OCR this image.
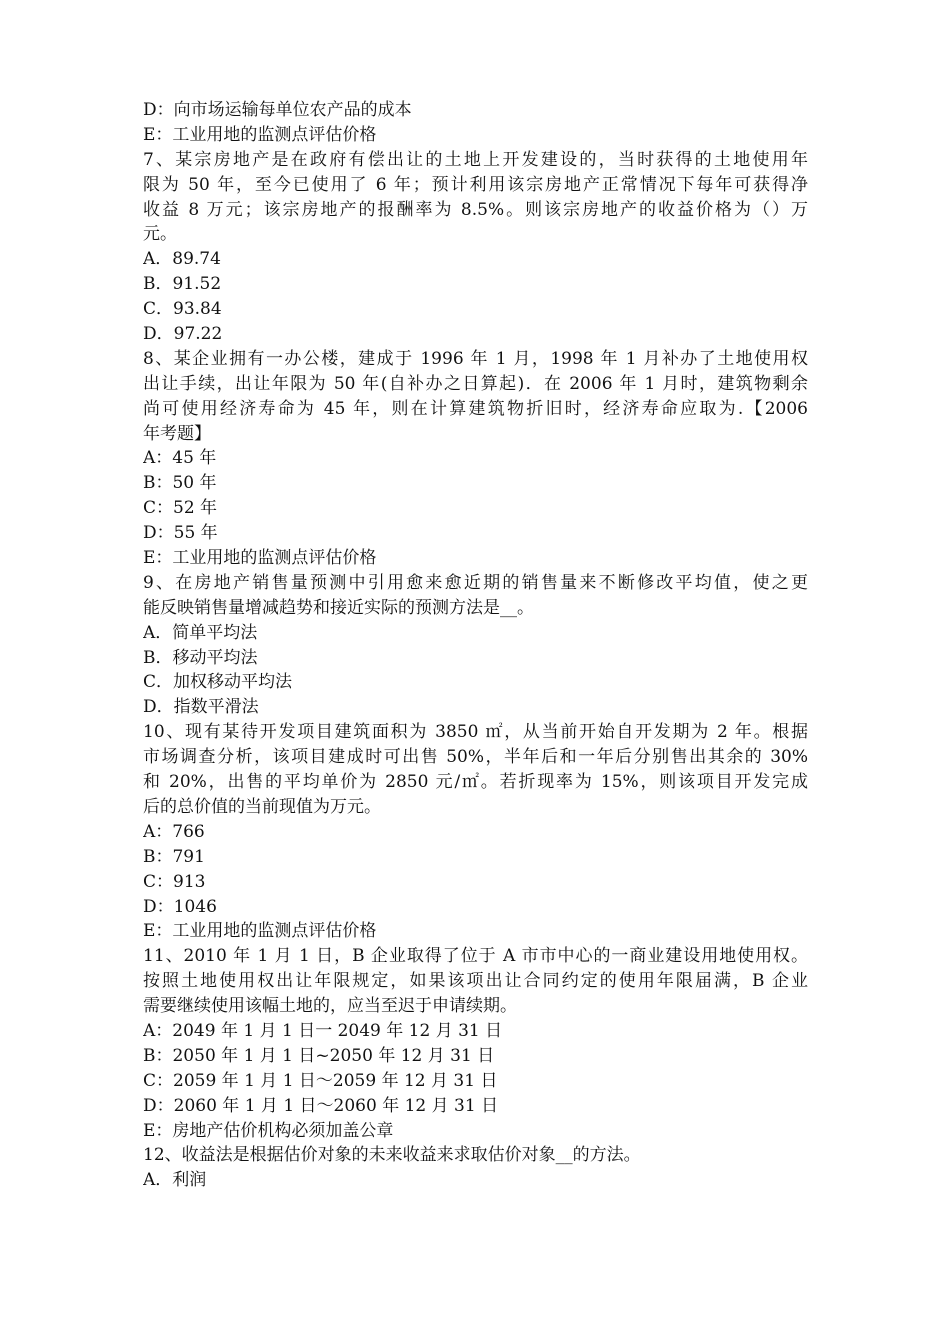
D：向市场运输每单位农产品的成本
E：工业用地的监测点评估价格
7、某宗房地产是在政府有偿出让的土地上开发建设的，当时获得的土地使用年
限为 50 年，至今已使用了 6 年；预计利用该宗房地产正常情况下每年可获得净
收益 8 万元；该宗房地产的报酬率为 8.5%。则该宗房地产的收益价格为（）万
元。
A．89.74
B．91.52
C．93.84
D．97.22
8、某企业拥有一办公楼，建成于 1996 年 1 月，1998 年 1 月补办了土地使用权
出让手续，出让年限为 50 年(自补办之日算起)．在 2006 年 1 月时，建筑物剩余
尚可使用经济寿命为 45 年，则在计算建筑物折旧时，经济寿命应取为.【2006
年考题】
A：45 年
B：50 年
C：52 年
D：55 年
E：工业用地的监测点评估价格
9、在房地产销售量预测中引用愈来愈近期的销售量来不断修改平均值，使之更
能反映销售量增减趋势和接近实际的预测方法是__。
A．简单平均法
B．移动平均法
C．加权移动平均法
D．指数平滑法
10、现有某待开发项目建筑面积为 3850 ㎡，从当前开始自开发期为 2 年。根据
市场调查分析，该项目建成时可出售 50%，半年后和一年后分别售出其余的 30%
和 20%，出售的平均单价为 2850 元/㎡。若折现率为 15%，则该项目开发完成
后的总价值的当前现值为万元。
A：766
B：791
C：913
D：1046
E：工业用地的监测点评估价格
11、2010 年 1 月 1 日，B 企业取得了位于 A 市市中心的一商业建设用地使用权。
按照土地使用权出让年限规定，如果该项出让合同约定的使用年限届满，B 企业
需要继续使用该幅土地的，应当至迟于申请续期。
A：2049 年 1 月 1 日一 2049 年 12 月 31 日
B：2050 年 1 月 1 日~2050 年 12 月 31 日
C：2059 年 1 月 1 日～2059 年 12 月 31 日
D：2060 年 1 月 1 日～2060 年 12 月 31 日
E：房地产估价机构必须加盖公章
12、收益法是根据估价对象的未来收益来求取估价对象__的方法。
A．利润
